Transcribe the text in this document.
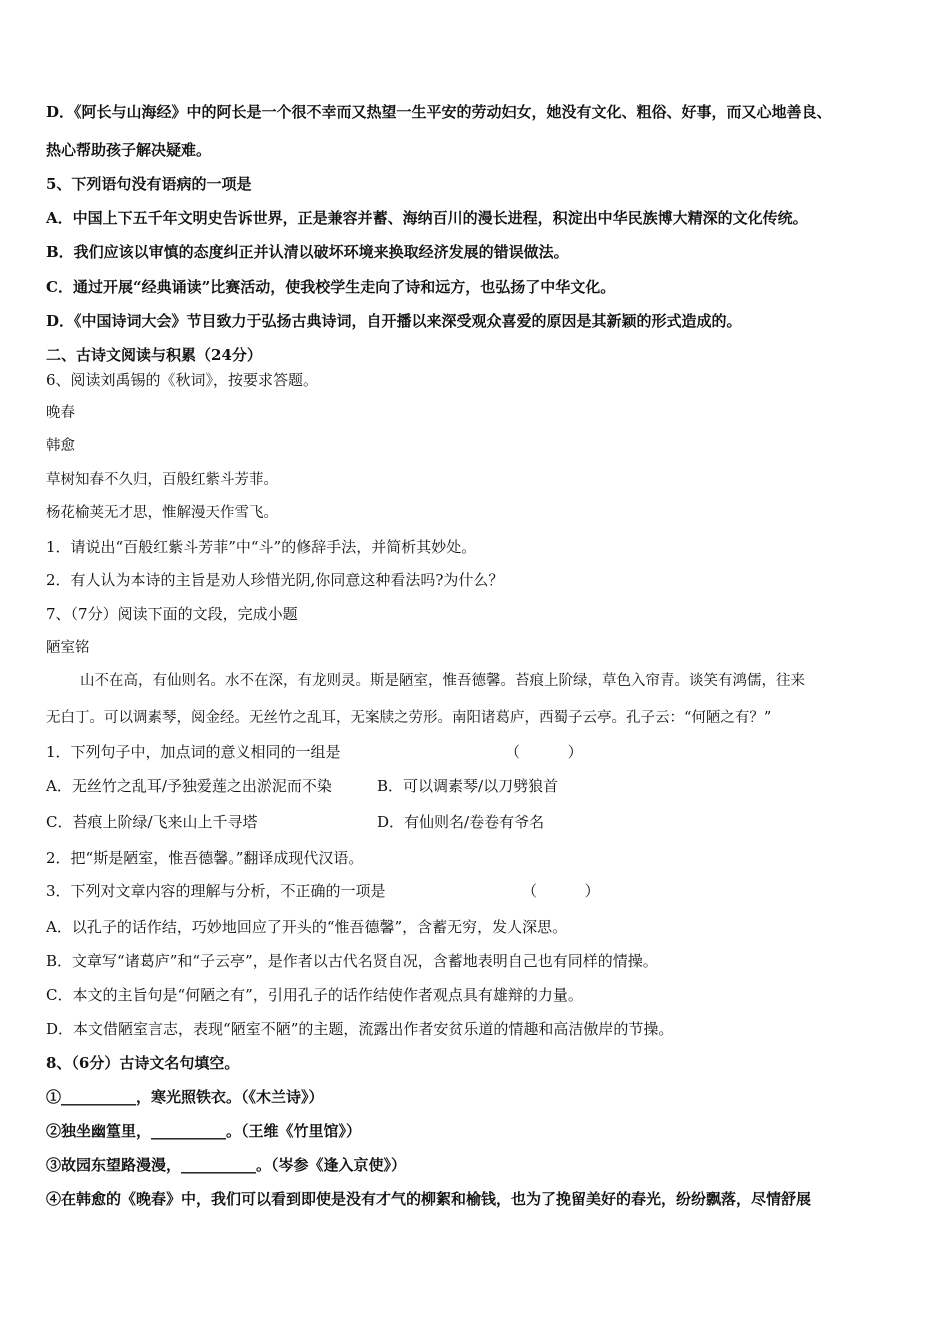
D．《阿长与山海经》中的阿长是一个很不幸而又热望一生平安的劳动妇女，她没有文化、粗俗、好事，而又心地善良、
热心帮助孩子解决疑难。
5、下列语句没有语病的一项是
A．中国上下五千年文明史告诉世界，正是兼容并蓄、海纳百川的漫长进程，积淀出中华民族博大精深的文化传统。
B．我们应该以审慎的态度纠正并认清以破坏环境来换取经济发展的错误做法。
C．通过开展“经典诵读”比赛活动，使我校学生走向了诗和远方，也弘扬了中华文化。
D．《中国诗词大会》节目致力于弘扬古典诗词，自开播以来深受观众喜爱的原因是其新颖的形式造成的。
二、古诗文阅读与积累（24分）
6、阅读刘禹锡的《秋词》，按要求答题。
晚春
韩愈
草树知春不久归，百般红紫斗芳菲。
杨花榆荚无才思，惟解漫天作雪飞。
1．请说出“百般红紫斗芳菲”中“斗”的修辞手法，并简析其妙处。
2．有人认为本诗的主旨是劝人珍惜光阴,你同意这种看法吗?为什么？
7、（7分）阅读下面的文段，完成小题
陋室铭
山不在高，有仙则名。水不在深，有龙则灵。斯是陋室，惟吾德馨。苔痕上阶绿，草色入帘青。谈笑有鸿儒，往来
无白丁。可以调素琴，阅金经。无丝竹之乱耳，无案牍之劳形。南阳诸葛庐，西蜀子云亭。孔子云：“何陋之有？”
1．下列句子中，加点词的意义相同的一组是	（          ）
A．无丝竹之乱耳/予独爱莲之出淤泥而不染	B．可以调素琴/以刀劈狼首
C．苔痕上阶绿/飞来山上千寻塔	D．有仙则名/卷卷有爷名
2．把“斯是陋室，惟吾德馨。”翻译成现代汉语。
3．下列对文章内容的理解与分析，不正确的一项是	（          ）
A．以孔子的话作结，巧妙地回应了开头的“惟吾德馨”，含蓄无穷，发人深思。
B．文章写“诸葛庐”和“子云亭”，是作者以古代名贤自况，含蓄地表明自己也有同样的情操。
C．本文的主旨句是“何陋之有”，引用孔子的话作结使作者观点具有雄辩的力量。
D．本文借陋室言志，表现“陋室不陋”的主题，流露出作者安贫乐道的情趣和高洁傲岸的节操。
8、（6分）古诗文名句填空。
①__________，寒光照铁衣。（《木兰诗》）
②独坐幽篁里，__________。（王维《竹里馆》）
③故园东望路漫漫，__________。（岑参《逢入京使》）
④在韩愈的《晚春》中，我们可以看到即使是没有才气的柳絮和榆钱，也为了挽留美好的春光，纷纷飘落，尽情舒展
